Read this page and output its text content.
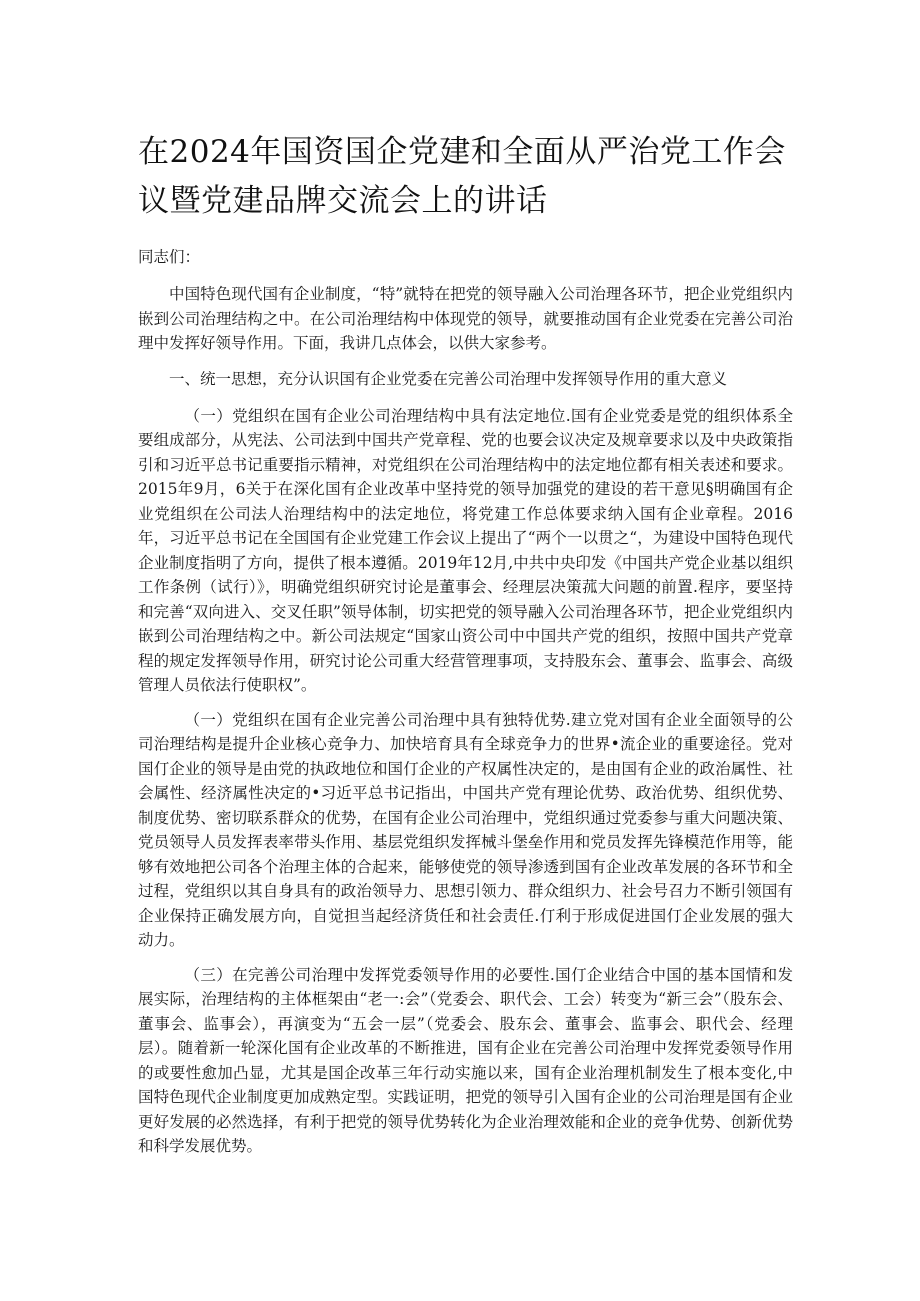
在2024年国资国企党建和全面从严治党工作会议暨党建品牌交流会上的讲话

同志们：

中国特色现代国有企业制度，“特”就特在把党的领导融入公司治理各环节，把企业党组织内嵌到公司治理结构之中。在公司治理结构中体现党的领导，就要推动国有企业党委在完善公司治理中发挥好领导作用。下面，我讲几点体会，以供大家参考。

一、统一思想，充分认识国有企业党委在完善公司治理中发挥领导作用的重大意义

（一）党组织在国有企业公司治理结构中具有法定地位.国有企业党委是党的组织体系全要组成部分，从宪法、公司法到中国共产党章程、党的也要会议决定及规章要求以及中央政策指引和习近平总书记重要指示精神，对党组织在公司治理结构中的法定地位都有相关表述和要求。2015年9月，6关于在深化国有企业改革中坚持党的领导加强党的建设的若干意见§明确国有企业党组织在公司法人治理结构中的法定地位，将党建工作总体要求纳入国有企业章程。2016年，习近平总书记在全国国有企业党建工作会议上提出了“两个一以贯之“，为建设中国特色现代企业制度指明了方向，提供了根本遵循。2019年12月,中共中央印发《中国共产党企业基以组织工作条例（试行）》，明确党组织研究讨论是董事会、经理层决策菰大问题的前置.程序，要坚持和完善“双向进入、交叉任职”领导体制，切实把党的领导融入公司治理各环节，把企业党组织内嵌到公司治理结构之中。新公司法规定“国家山资公司中中国共产党的组织，按照中国共产党章程的规定发挥领导作用，研究讨论公司重大经营管理事项，支持股东会、董事会、监事会、高级管理人员依法行使职权”。

（一）党组织在国有企业完善公司治理中具有独特优势.建立党对国有企业全面领导的公司治理结构是提升企业核心竞争力、加快培育具有全球竞争力的世界•流企业的重要途径。党对国仃企业的领导是由党的执政地位和国仃企业的产权属性决定的，是由国有企业的政治属性、社会属性、经济属性决定的•习近平总书记指出，中国共产党有理论优势、政治优势、组织优势、制度优势、密切联系群众的优势，在国有企业公司治理中，党组织通过党委参与重大问题决策、党员领导人员发挥表率带头作用、基层党组织发挥械斗堡垒作用和党员发挥先锋模范作用等，能够有效地把公司各个治理主体的合起来，能够使党的领导渗透到国有企业改革发展的各环节和全过程，党组织以其自身具有的政治领导力、思想引领力、群众组织力、社会号召力不断引领国有企业保持正确发展方向，自觉担当起经济货任和社会责任.仃利于形成促进国仃企业发展的强大动力。

（三）在完善公司治理中发挥党委领导作用的必要性.国仃企业结合中国的基本国情和发展实际，治理结构的主体框架由“老一:会”（党委会、职代会、工会）转变为“新三会”（股东会、董事会、监事会），再演变为“五会一层”（党委会、股东会、董事会、监事会、职代会、经理层）。随着新一轮深化国有企业改革的不断推进，国有企业在完善公司治理中发挥党委领导作用的或要性愈加凸显，尤其是国企改革三年行动实施以来，国有企业治理机制发生了根本变化,中国特色现代企业制度更加成熟定型。实践证明，把党的领导引入国有企业的公司治理是国有企业更好发展的必然选择，有利于把党的领导优势转化为企业治理效能和企业的竞争优势、创新优势和科学发展优势。
